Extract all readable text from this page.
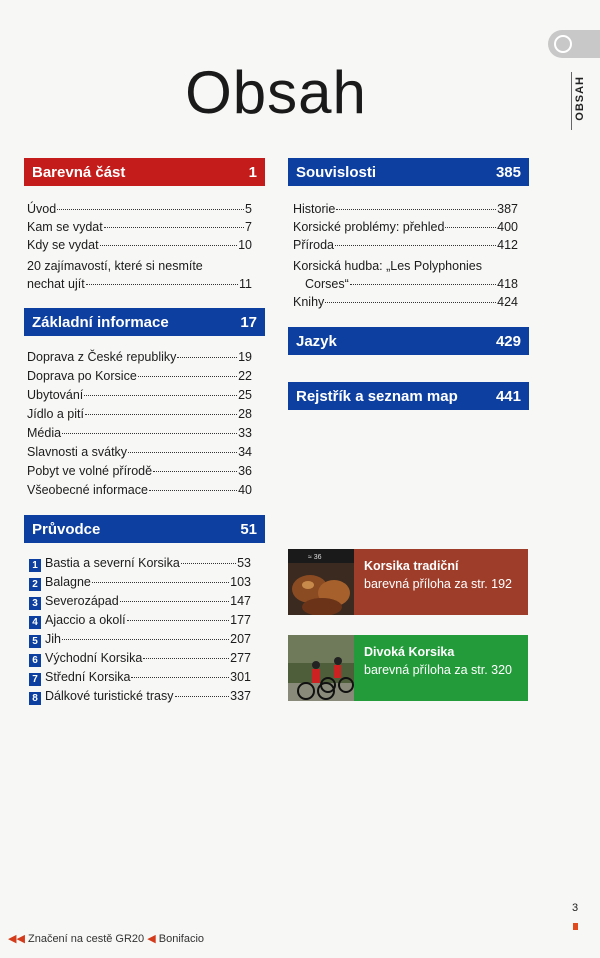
OBSAH
Obsah
Barevná část	1
Úvod	5
Kam se vydat	7
Kdy se vydat	10
20 zajímavostí, které si nesmíte
nechat ujít	11
Základní informace	17
Doprava z České republiky	19
Doprava po Korsice	22
Ubytování	25
Jídlo a pití	28
Média	33
Slavnosti a svátky	34
Pobyt ve volné přírodě	36
Všeobecné informace	40
Průvodce	51
1 Bastia a severní Korsika	53
2 Balagne	103
3 Severozápad	147
4 Ajaccio a okolí	177
5 Jih	207
6 Východní Korsika	277
7 Střední Korsika	301
8 Dálkové turistické trasy	337
Souvislosti	385
Historie	387
Korsické problémy: přehled	400
Příroda	412
Korsická hudba: „Les Polyphonies
Corses“	418
Knihy	424
Jazyk	429
Rejstřík a seznam map	441
≈ 36
Korsika tradiční
barevná příloha za str. 192
Divoká Korsika
barevná příloha za str. 320
3
◀◀ Značení na cestě GR20 ◀ Bonifacio
